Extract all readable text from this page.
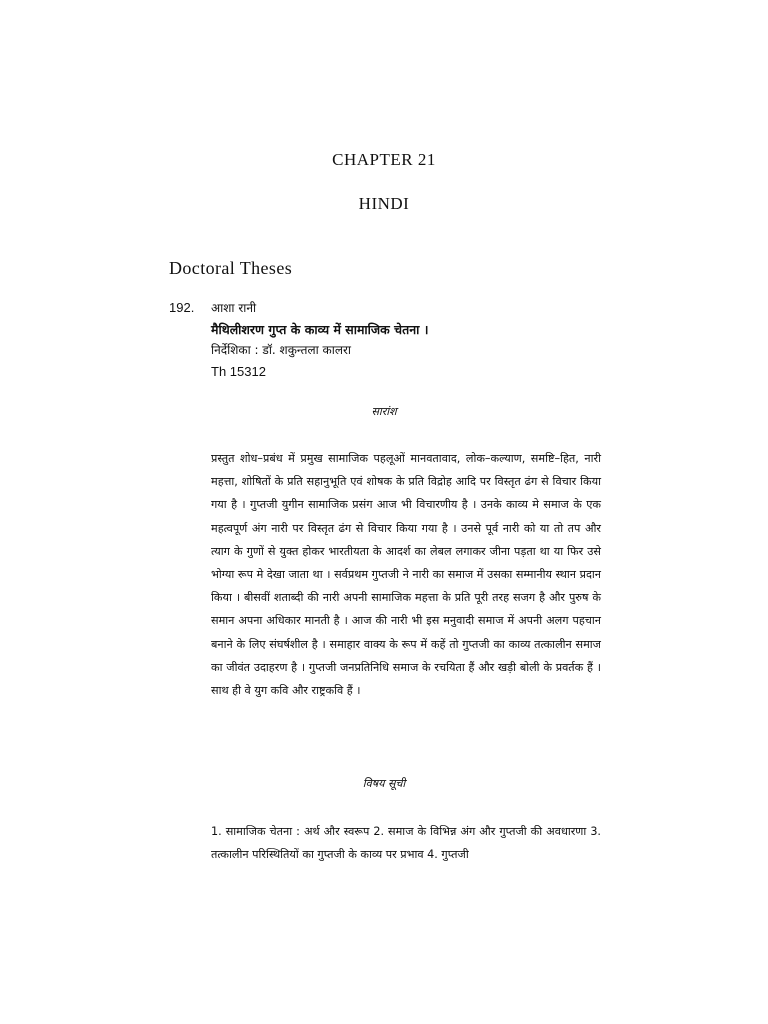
CHAPTER 21
HINDI
Doctoral Theses
192. आशा रानी
मैथिलीशरण गुप्त के काव्य में सामाजिक चेतना ।
निर्देशिका : डॉ. शकुन्तला कालरा
Th 15312
सारांश
प्रस्तुत शोध–प्रबंध में प्रमुख सामाजिक पहलूओं मानवतावाद, लोक–कल्याण, समष्टि–हित, नारी महत्ता, शोषितों के प्रति सहानुभूति एवं शोषक के प्रति विद्रोह आदि पर विस्तृत ढंग से विचार किया गया है । गुप्तजी युगीन सामाजिक प्रसंग आज भी विचारणीय है । उनके काव्य मे समाज के एक महत्वपूर्ण अंग नारी पर विस्तृत ढंग से विचार किया गया है । उनसे पूर्व नारी को या तो तप और त्याग के गुणों से युक्त होकर भारतीयता के आदर्श का लेबल लगाकर जीना पड़ता था या फिर उसे भोग्या रूप मे देखा जाता था । सर्वप्रथम गुप्तजी ने नारी का समाज में उसका सम्मानीय स्थान प्रदान किया । बीसवीं शताब्दी की नारी अपनी सामाजिक महत्ता के प्रति पूरी तरह सजग है और पुरुष के समान अपना अधिकार मानती है । आज की नारी भी इस मनुवादी समाज में अपनी अलग पहचान बनाने के लिए संघर्षशील है । समाहार वाक्य के रूप में कहें तो गुप्तजी का काव्य तत्कालीन समाज का जीवंत उदाहरण है । गुप्तजी जनप्रतिनिधि समाज के रचयिता हैं और खड़ी बोली के प्रवर्तक हैं । साथ ही वे युग कवि और राष्ट्रकवि हैं ।
विषय सूची
1. सामाजिक चेतना : अर्थ और स्वरूप 2. समाज के विभिन्न अंग और गुप्तजी की अवधारणा 3. तत्कालीन परिस्थितियों का गुप्तजी के काव्य पर प्रभाव 4. गुप्तजी
